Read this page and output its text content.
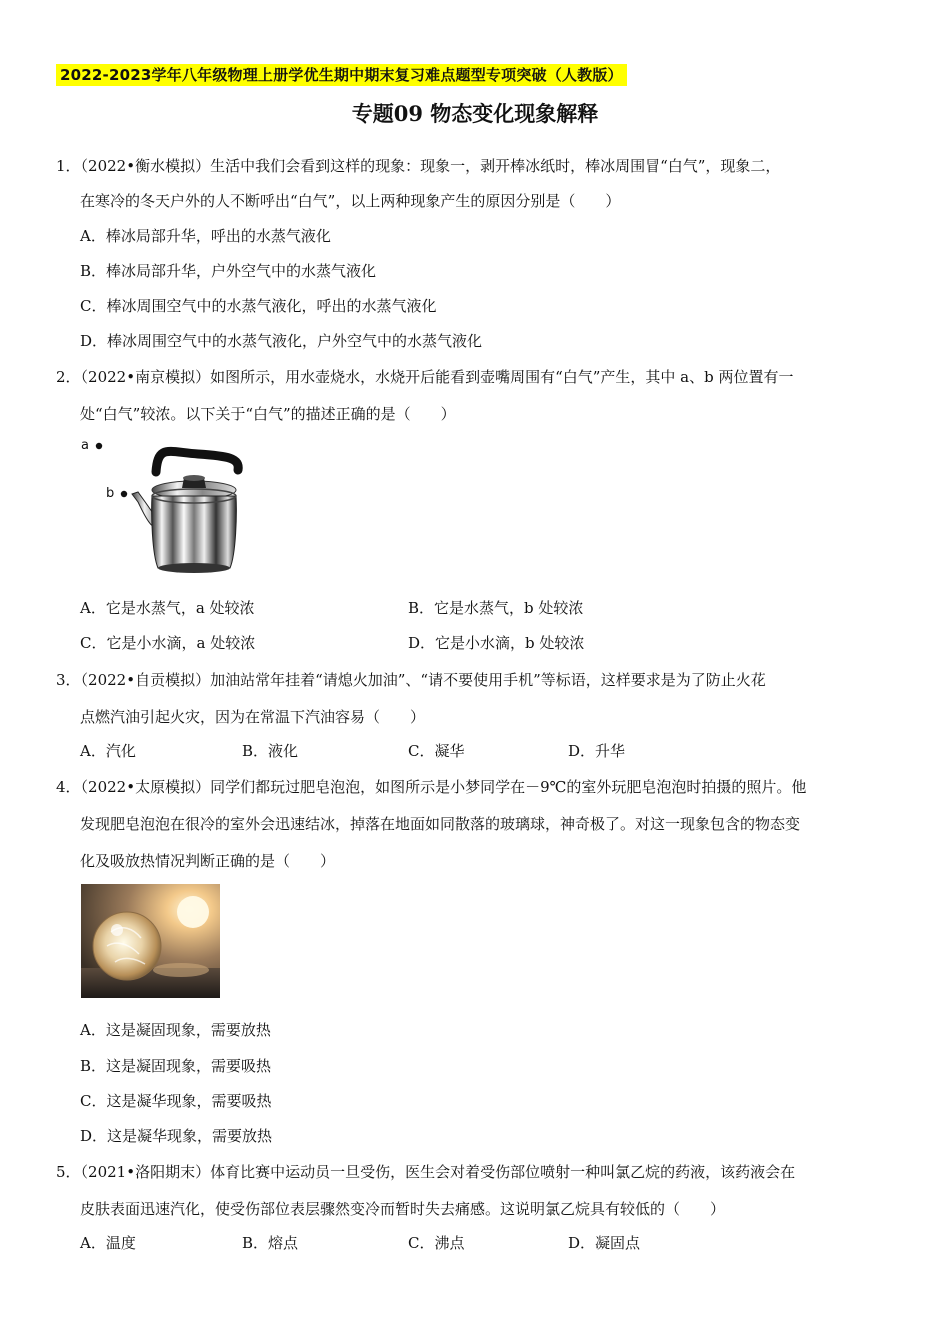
2022-2023学年八年级物理上册学优生期中期末复习难点题型专项突破（人教版）
专题09 物态变化现象解释
1．（2022•衡水模拟）生活中我们会看到这样的现象：现象一，剥开棒冰纸时，棒冰周围冒“白气”，现象二，
在寒冷的冬天户外的人不断呼出“白气”，以上两种现象产生的原因分别是（　　）
A．棒冰局部升华，呼出的水蒸气液化
B．棒冰局部升华，户外空气中的水蒸气液化
C．棒冰周围空气中的水蒸气液化，呼出的水蒸气液化
D．棒冰周围空气中的水蒸气液化，户外空气中的水蒸气液化
2．（2022•南京模拟）如图所示，用水壶烧水，水烧开后能看到壶嘴周围有“白气”产生，其中 a、b 两位置有一
处“白气”较浓。以下关于“白气”的描述正确的是（　　）
a
b
A．它是水蒸气，a 处较浓	B．它是水蒸气，b 处较浓
C．它是小水滴，a 处较浓	D．它是小水滴，b 处较浓
3．（2022•自贡模拟）加油站常年挂着“请熄火加油”、“请不要使用手机”等标语，这样要求是为了防止火花
点燃汽油引起火灾，因为在常温下汽油容易（　　）
A．汽化	B．液化	C．凝华	D．升华
4．（2022•太原模拟）同学们都玩过肥皂泡泡，如图所示是小梦同学在－9℃的室外玩肥皂泡泡时拍摄的照片。他
发现肥皂泡泡在很冷的室外会迅速结冰，掉落在地面如同散落的玻璃球，神奇极了。对这一现象包含的物态变
化及吸放热情况判断正确的是（　　）
A．这是凝固现象，需要放热
B．这是凝固现象，需要吸热
C．这是凝华现象，需要吸热
D．这是凝华现象，需要放热
5．（2021•洛阳期末）体育比赛中运动员一旦受伤，医生会对着受伤部位喷射一种叫氯乙烷的药液，该药液会在
皮肤表面迅速汽化，使受伤部位表层骤然变冷而暂时失去痛感。这说明氯乙烷具有较低的（　　）
A．温度	B．熔点	C．沸点	D．凝固点
